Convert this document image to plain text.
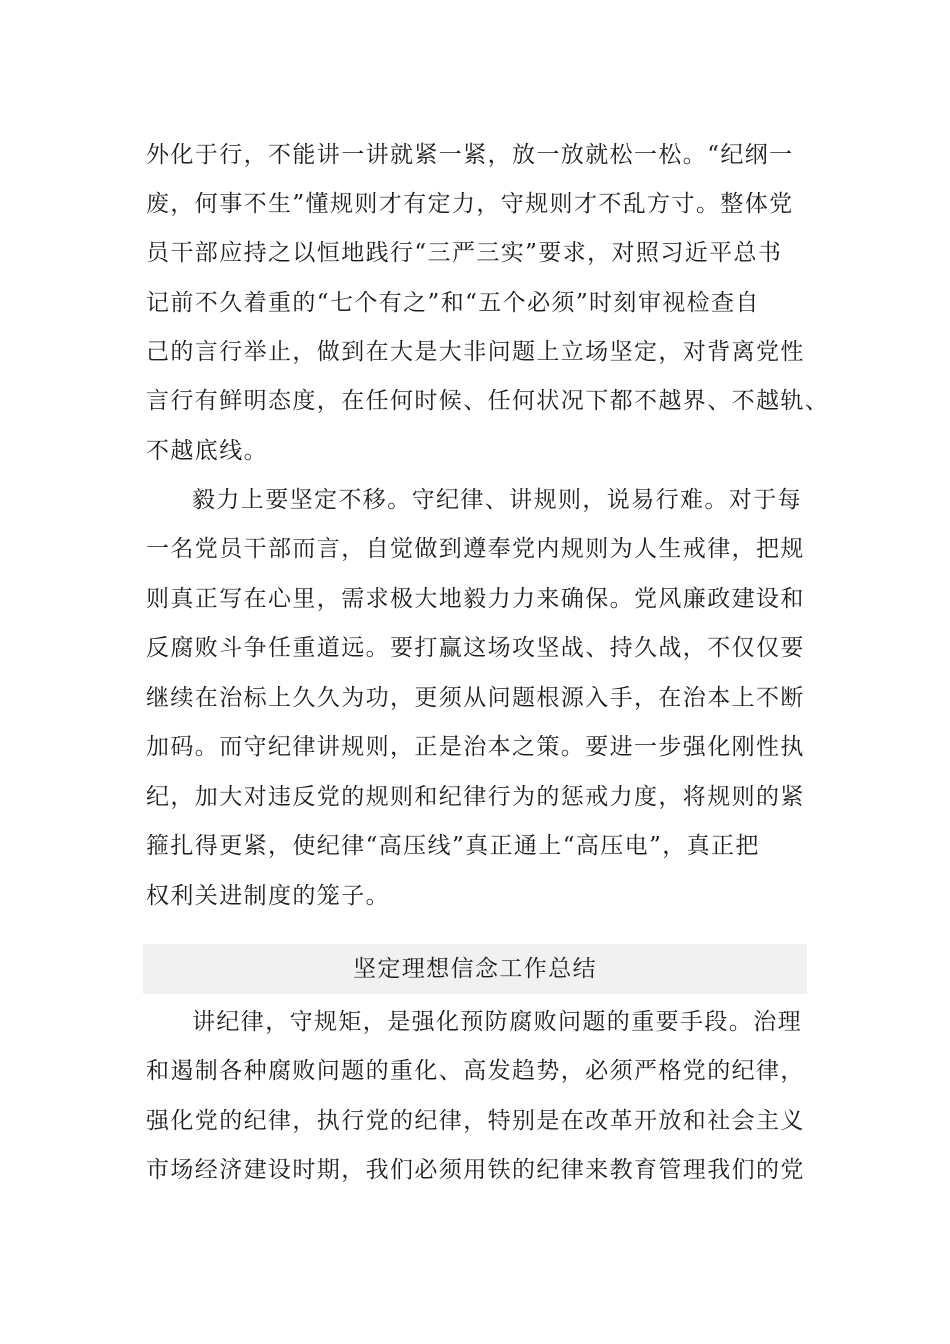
外化于行，不能讲一讲就紧一紧，放一放就松一松。“纪纲一
废，何事不生”懂规则才有定力，守规则才不乱方寸。整体党
员干部应持之以恒地践行“三严三实”要求，对照习近平总书
记前不久着重的“七个有之”和“五个必须”时刻审视检查自
己的言行举止，做到在大是大非问题上立场坚定，对背离党性
言行有鲜明态度，在任何时候、任何状况下都不越界、不越轨、
不越底线。
毅力上要坚定不移。守纪律、讲规则，说易行难。对于每
一名党员干部而言，自觉做到遵奉党内规则为人生戒律，把规
则真正写在心里，需求极大地毅力力来确保。党风廉政建设和
反腐败斗争任重道远。要打赢这场攻坚战、持久战，不仅仅要
继续在治标上久久为功，更须从问题根源入手，在治本上不断
加码。而守纪律讲规则，正是治本之策。要进一步强化刚性执
纪，加大对违反党的规则和纪律行为的惩戒力度，将规则的紧
箍扎得更紧，使纪律“高压线”真正通上“高压电”，真正把
权利关进制度的笼子。
坚定理想信念工作总结
讲纪律，守规矩，是强化预防腐败问题的重要手段。治理
和遏制各种腐败问题的重化、高发趋势，必须严格党的纪律，
强化党的纪律，执行党的纪律，特别是在改革开放和社会主义
市场经济建设时期，我们必须用铁的纪律来教育管理我们的党
